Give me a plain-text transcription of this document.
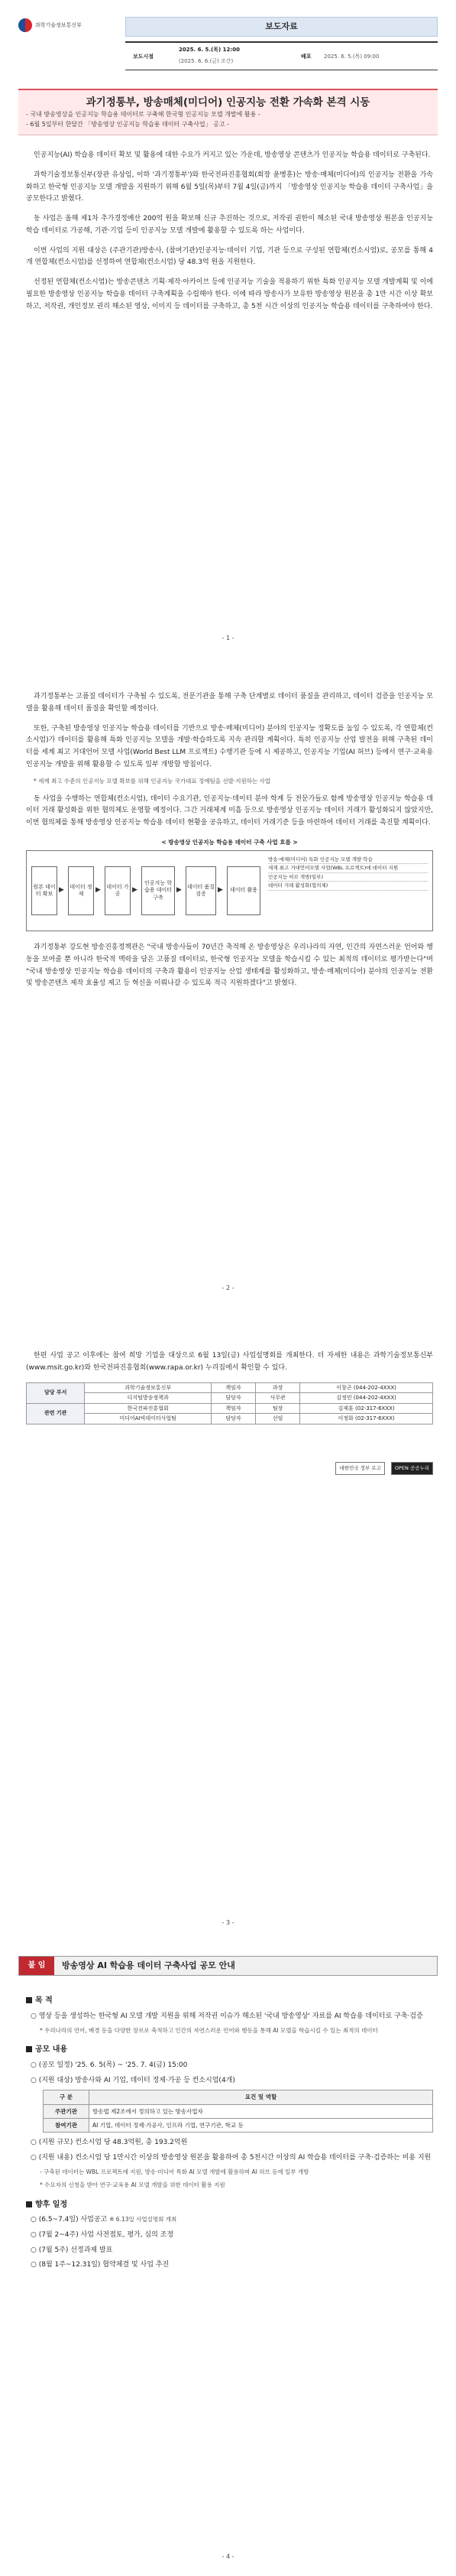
과학기술정보통신부	보도자료
보도시점
2025. 6. 5.(목) 12:00
(2025. 6. 6.(금) 조간)
배포 2025. 6. 5.(목) 09:00
과기정통부, 방송매체(미디어) 인공지능 전환 가속화 본격 시동
- 국내 방송영상을 인공지능 학습용 데이터로 구축해 한국형 인공지능 모델 개발에 활용 -
- 6월 5일부터 한달간 「방송영상 인공지능 학습용 데이터 구축사업」 공고 -

인공지능(AI) 학습용 데이터 확보 및 활용에 대한 수요가 커지고 있는 가운데, 방송영상 콘텐츠가 인공지능 학습용 데이터로 구축된다.

과학기술정보통신부(장관 유상임, 이하 '과기정통부')와 한국전파진흥협회(회장 윤병훈)는 방송·매체(미디어)의 인공지능 전환을 가속화하고 한국형 인공지능 모델 개발을 지원하기 위해 6월 5일(목)부터 7월 4일(금)까지 「방송영상 인공지능 학습용 데이터 구축사업」을 공모한다고 밝혔다.

동 사업은 올해 제1차 추가경정예산 200억 원을 확보해 신규 추진하는 것으로, 저작권 권한이 해소된 국내 방송영상 원본을 인공지능 학습 데이터로 가공해, 기관·기업 등이 인공지능 모델 개발에 활용할 수 있도록 하는 사업이다.

이번 사업의 지원 대상은 (주관기관)방송사, (참여기관)인공지능·데이터 기업, 기관 등으로 구성된 연합체(컨소시엄)로, 공모를 통해 4개 연합체(컨소시엄)를 선정하여 연합체(컨소시엄) 당 48.3억 원을 지원한다.

선정된 연합체(컨소시엄)는 방송콘텐츠 기획·제작·아카이브 등에 인공지능 기술을 적용하기 위한 특화 인공지능 모델 개발계획 및 이에 필요한 방송영상 인공지능 학습용 데이터 구축계획을 수립해야 한다. 이에 따라 방송사가 보유한 방송영상 원본을 총 1만 시간 이상 확보하고, 저작권, 개인정보 권리 해소된 영상, 이미지 등 데이터를 구축하고, 총 5천 시간 이상의 인공지능 학습용 데이터를 구축하여야 한다.

- 1 -

과기정통부는 고품질 데이터가 구축될 수 있도록, 전문기관을 통해 구축 단계별로 데이터 품질을 관리하고, 데이터 검증을 인공지능 모델을 활용해 데이터 품질을 확인할 예정이다.

또한, 구축된 방송영상 인공지능 학습용 데이터를 기반으로 방송·매체(미디어) 분야의 인공지능 정확도를 높일 수 있도록, 각 연합체(컨소시엄)가 데이터를 활용해 특화 인공지능 모델을 개발·학습하도록 지속 관리할 계획이다. 특히 인공지능 산업 발전을 위해 구축된 데이터를 세계 최고 거대언어 모델 사업(World Best LLM 프로젝트) 수행기관 등에 시 제공하고, 인공지능 기업(AI 허브) 등에서 연구·교육용 인공지능 개발을 위해 활용할 수 있도록 일부 개방할 방침이다.

* 세계 최고 수준의 인공지능 모델 확보를 위해 인공지능 국가대표 정예팀을 선발·지원하는 사업

동 사업을 수행하는 연합체(컨소시엄), 데이터 수요기관, 인공지능·데이터 분야 학계 등 전문가들로 함께 방송영상 인공지능 학습용 데이터 거래 활성화를 위한 협의체도 운영할 예정이다. 그간 거래체계 미흡 등으로 방송영상 인공지능 데이터 거래가 활성화되지 않았지만, 이번 협의체를 통해 방송영상 인공지능 학습용 데이터 현황을 공유하고, 데이터 거래기준 등을 마련하여 데이터 거래를 촉진할 계획이다.

< 방송영상 인공지능 학습용 데이터 구축 사업 흐름 >
원본 데이터 확보 ▶	데이터 정제	▶	데이터 가공	▶
인공지능 학습용 데이터 구축
▶ 데이터 품질 검증	▶	데이터 활용
방송·매체(미디어) 특화 인공지능 모델 개발·학습
세계 최고 거대언어모델 사업(WBL 프로젝트)에 데이터 지원
인공지능 허브 개방(일부)
데이터 거래 활성화(협의체)

과기정통부 강도현 방송진흥정책관은 "국내 방송사들이 70년간 축적해 온 방송영상은 우리나라의 자연, 인간의 자연스러운 언어와 행동을 보여줄 뿐 아니라 한국적 맥락을 담은 고품질 데이터로, 한국형 인공지능 모델을 학습시킬 수 있는 최적의 데이터로 평가받는다"며 "국내 방송영상 인공지능 학습용 데이터의 구축과 활용이 인공지능 산업 생태계를 활성화하고, 방송·매체(미디어) 분야의 인공지능 전환 및 방송콘텐츠 제작 효율성 제고 등 혁신을 이뤄나갈 수 있도록 적극 지원하겠다"고 밝혔다.

- 2 -

한편 사업 공고 이후에는 참여 희망 기업을 대상으로 6월 13일(금) 사업설명회를 개최한다. 더 자세한 내용은 과학기술정보통신부(www.msit.go.kr)와 한국전파진흥협회(www.rapa.or.kr) 누리집에서 확인할 수 있다.

담당 부서	과학기술정보통신부	책임자	과장	이창곤 (044-202-4XXX)
	디지털방송정책과	담당자	사무관	김정민 (044-202-4XXX)
관련 기관	한국전파진흥협회	책임자	팀장	김제훈 (02-317-6XXX)
	미디어AI빅데이터사업팀	담당자	선임	이정화 (02-317-6XXX)
대한민국 정부 로고	OPEN 공공누리
- 3 -
붙 임	방송영상 AI 학습용 데이터 구축사업 공모 안내
목 적
○ 영상 등을 생성하는 한국형 AI 모델 개발 지원을 위해 저작권 이슈가 해소된 '국내 방송영상' 자료를 AI 학습용 데이터로 구축·검증
* 우리나라의 언어, 배경 등을 다양한 장르로 축적하고 인간의 자연스러운 언어와 행동을 통해 AI 모델을 학습시킬 수 있는 최적의 데이터
공모 내용
○ (공모 일정) '25. 6. 5(목) ~ '25. 7. 4(금) 15:00
○ (지원 대상) 방송사와 AI 기업, 데이터 정제·가공 등 컨소시엄(4개)
구 분	요건 및 역할
주관기관	방송법 제2조에서 정의하고 있는 방송사업자
참여기관	AI 기업, 데이터 정제·가공사, 인프라 기업, 연구기관, 학교 등
○ (지원 규모) 컨소시엄 당 48.3억원, 총 193.2억원
○ (지원 내용) 컨소시엄 당 1만시간 이상의 방송영상 원본을 활용하여 총 5천시간 이상의 AI 학습용 데이터를 구축·검증하는 비용 지원
- 구축된 데이터는 WBL 프로젝트에 지원, 방송·미디어 특화 AI 모델 개발에 활용하며 AI 허브 등에 일부 개방
* 수요자의 신청을 받아 연구·교육용 AI 모델 개발을 위한 데이터 활용 지원
향후 일정
○ (6.5~7.4일) 사업공고 ※ 6.13일 사업설명회 개최
○ (7월 2~4주) 사업 사전접토, 평가, 심의 조정
○ (7월 5주) 선정과제 발표
○ (8월 1주~12.31일) 협약체결 및 사업 추진
- 4 -
